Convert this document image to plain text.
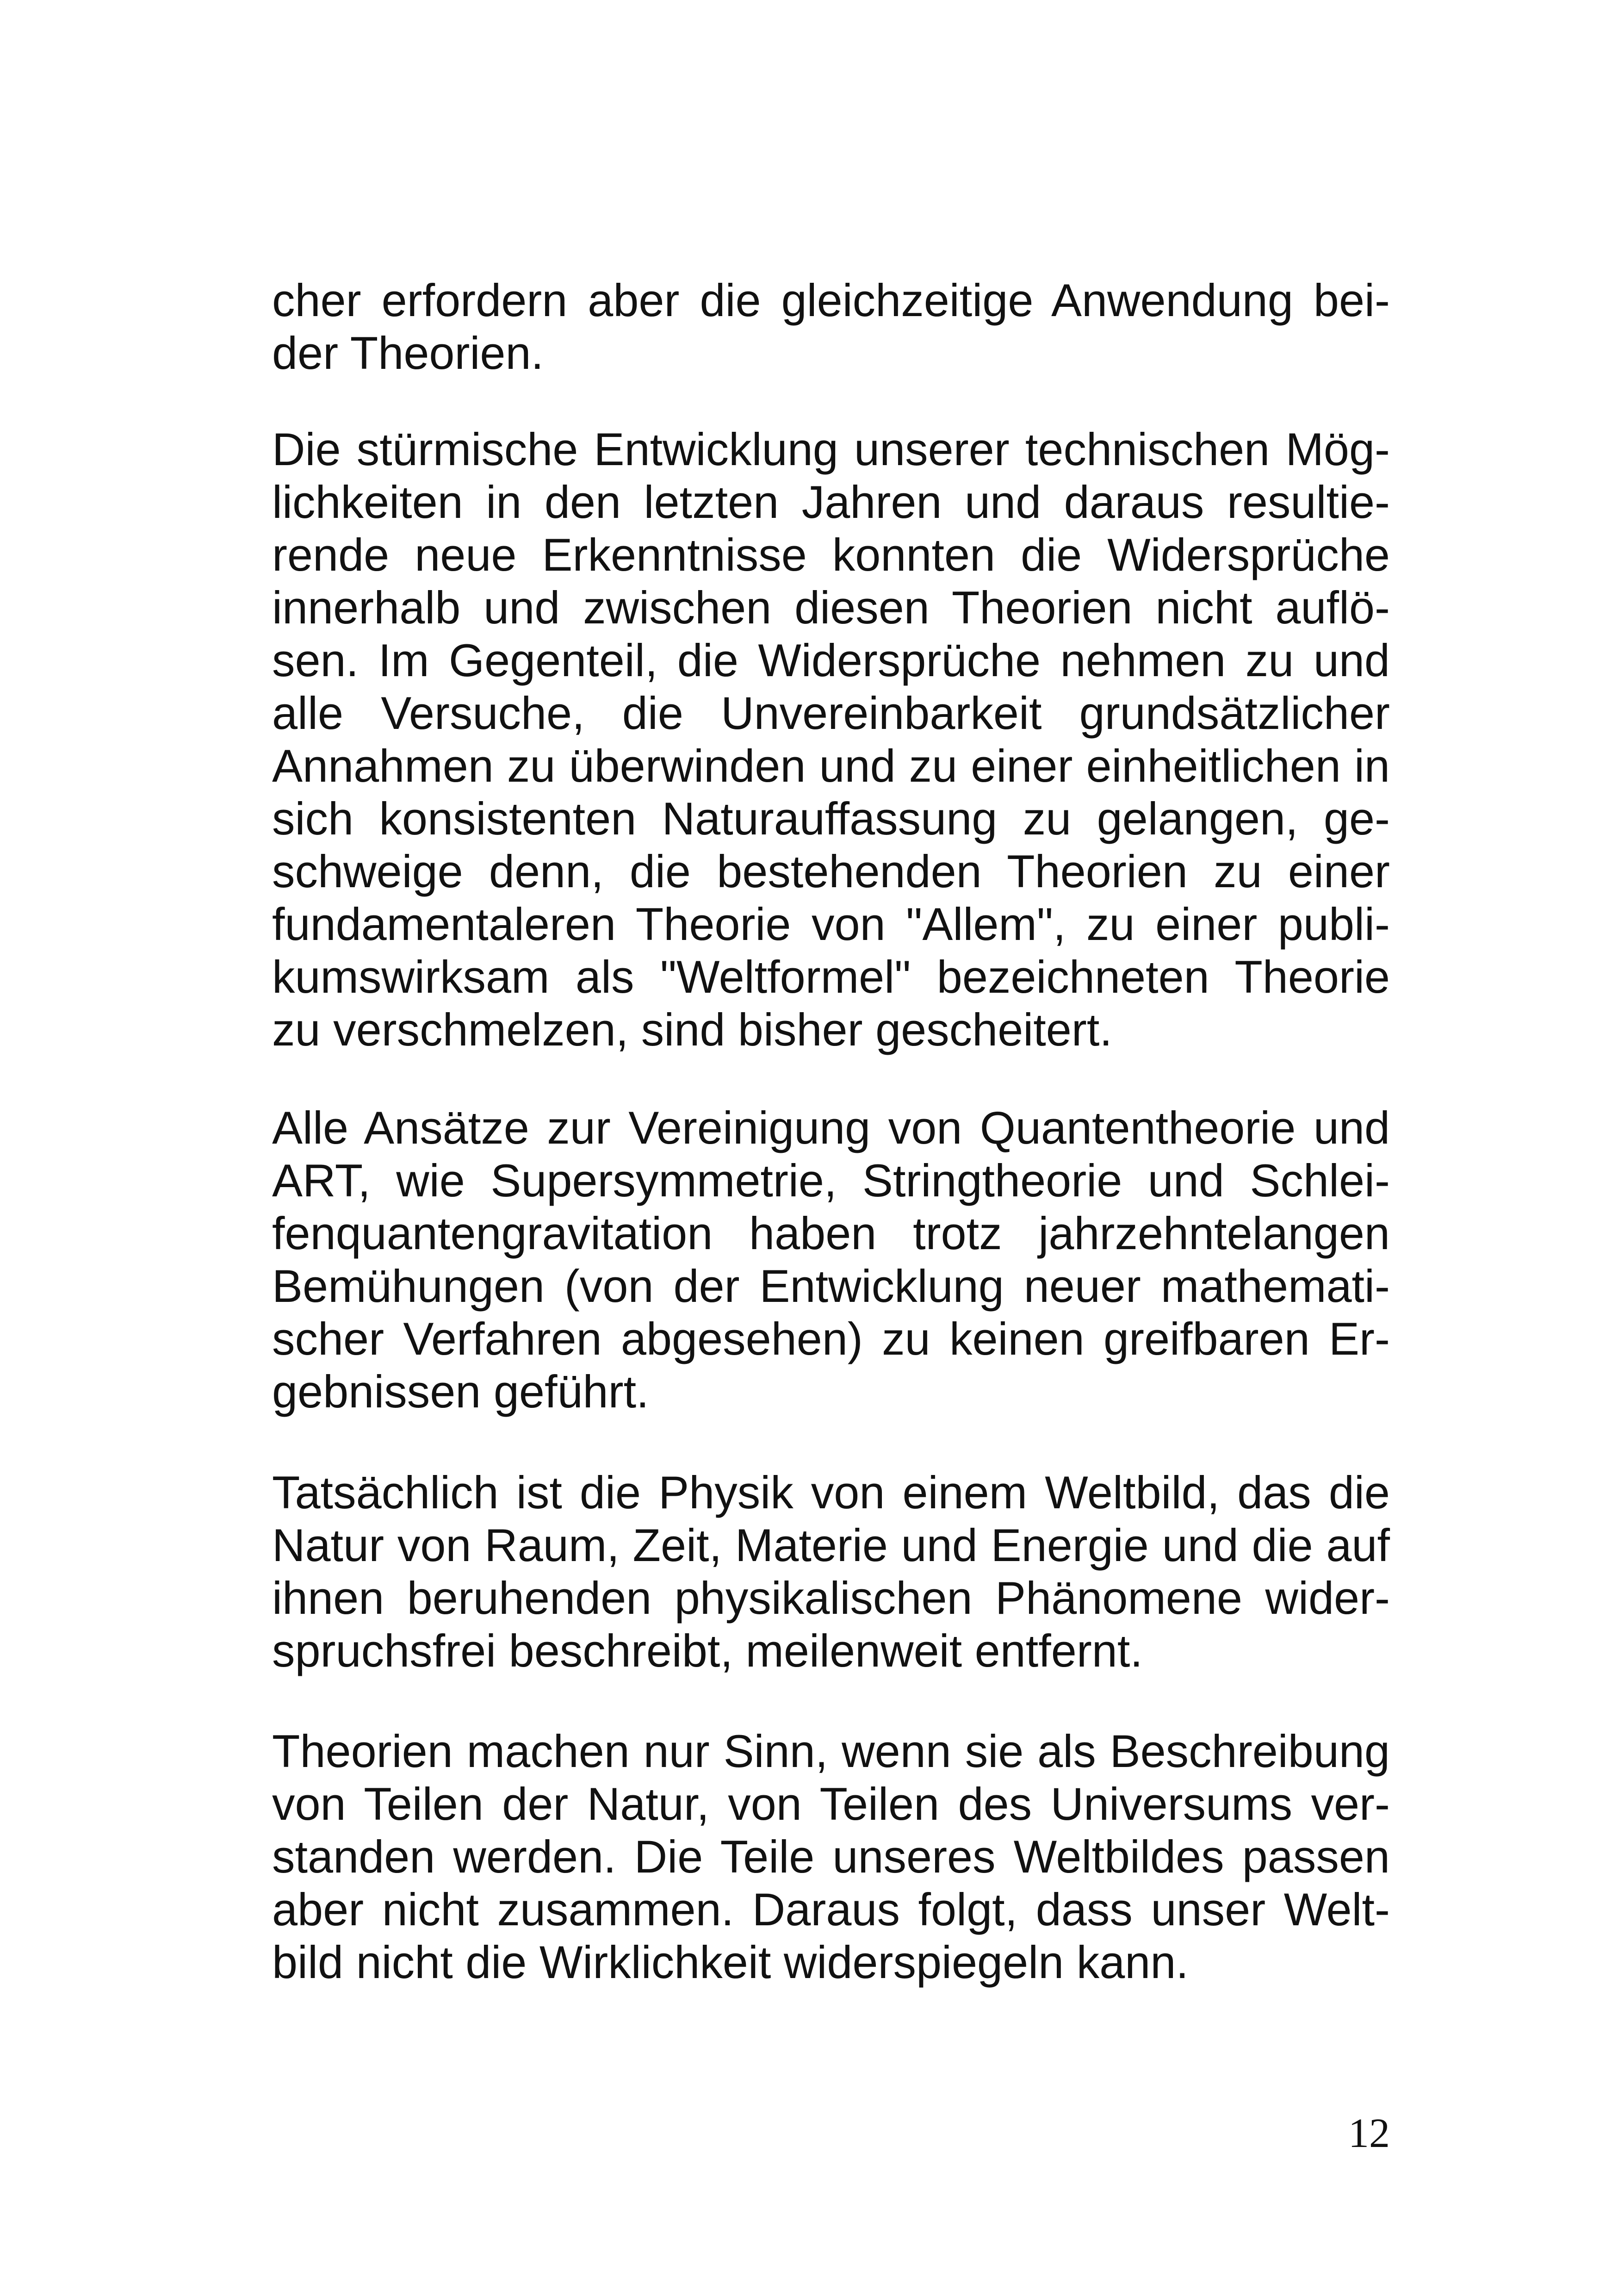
cher erfordern aber die gleichzeitige Anwendung bei-
der Theorien.
Die stürmische Entwicklung unserer technischen Mög-
lichkeiten in den letzten Jahren und daraus resultie-
rende neue Erkenntnisse konnten die Widersprüche
innerhalb und zwischen diesen Theorien nicht auflö-
sen. Im Gegenteil, die Widersprüche nehmen zu und
alle Versuche, die Unvereinbarkeit grundsätzlicher
Annahmen zu überwinden und zu einer einheitlichen in
sich konsistenten Naturauffassung zu gelangen, ge-
schweige denn, die bestehenden Theorien zu einer
fundamentaleren Theorie von "Allem", zu einer publi-
kumswirksam als "Weltformel" bezeichneten Theorie
zu verschmelzen, sind bisher gescheitert.
Alle Ansätze zur Vereinigung von Quantentheorie und
ART, wie Supersymmetrie, Stringtheorie und Schlei-
fenquantengravitation haben trotz jahrzehntelangen
Bemühungen (von der Entwicklung neuer mathemati-
scher Verfahren abgesehen) zu keinen greifbaren Er-
gebnissen geführt.
Tatsächlich ist die Physik von einem Weltbild, das die
Natur von Raum, Zeit, Materie und Energie und die auf
ihnen beruhenden physikalischen Phänomene wider-
spruchsfrei beschreibt, meilenweit entfernt.
Theorien machen nur Sinn, wenn sie als Beschreibung
von Teilen der Natur, von Teilen des Universums ver-
standen werden. Die Teile unseres Weltbildes passen
aber nicht zusammen. Daraus folgt, dass unser Welt-
bild nicht die Wirklichkeit widerspiegeln kann.
12
